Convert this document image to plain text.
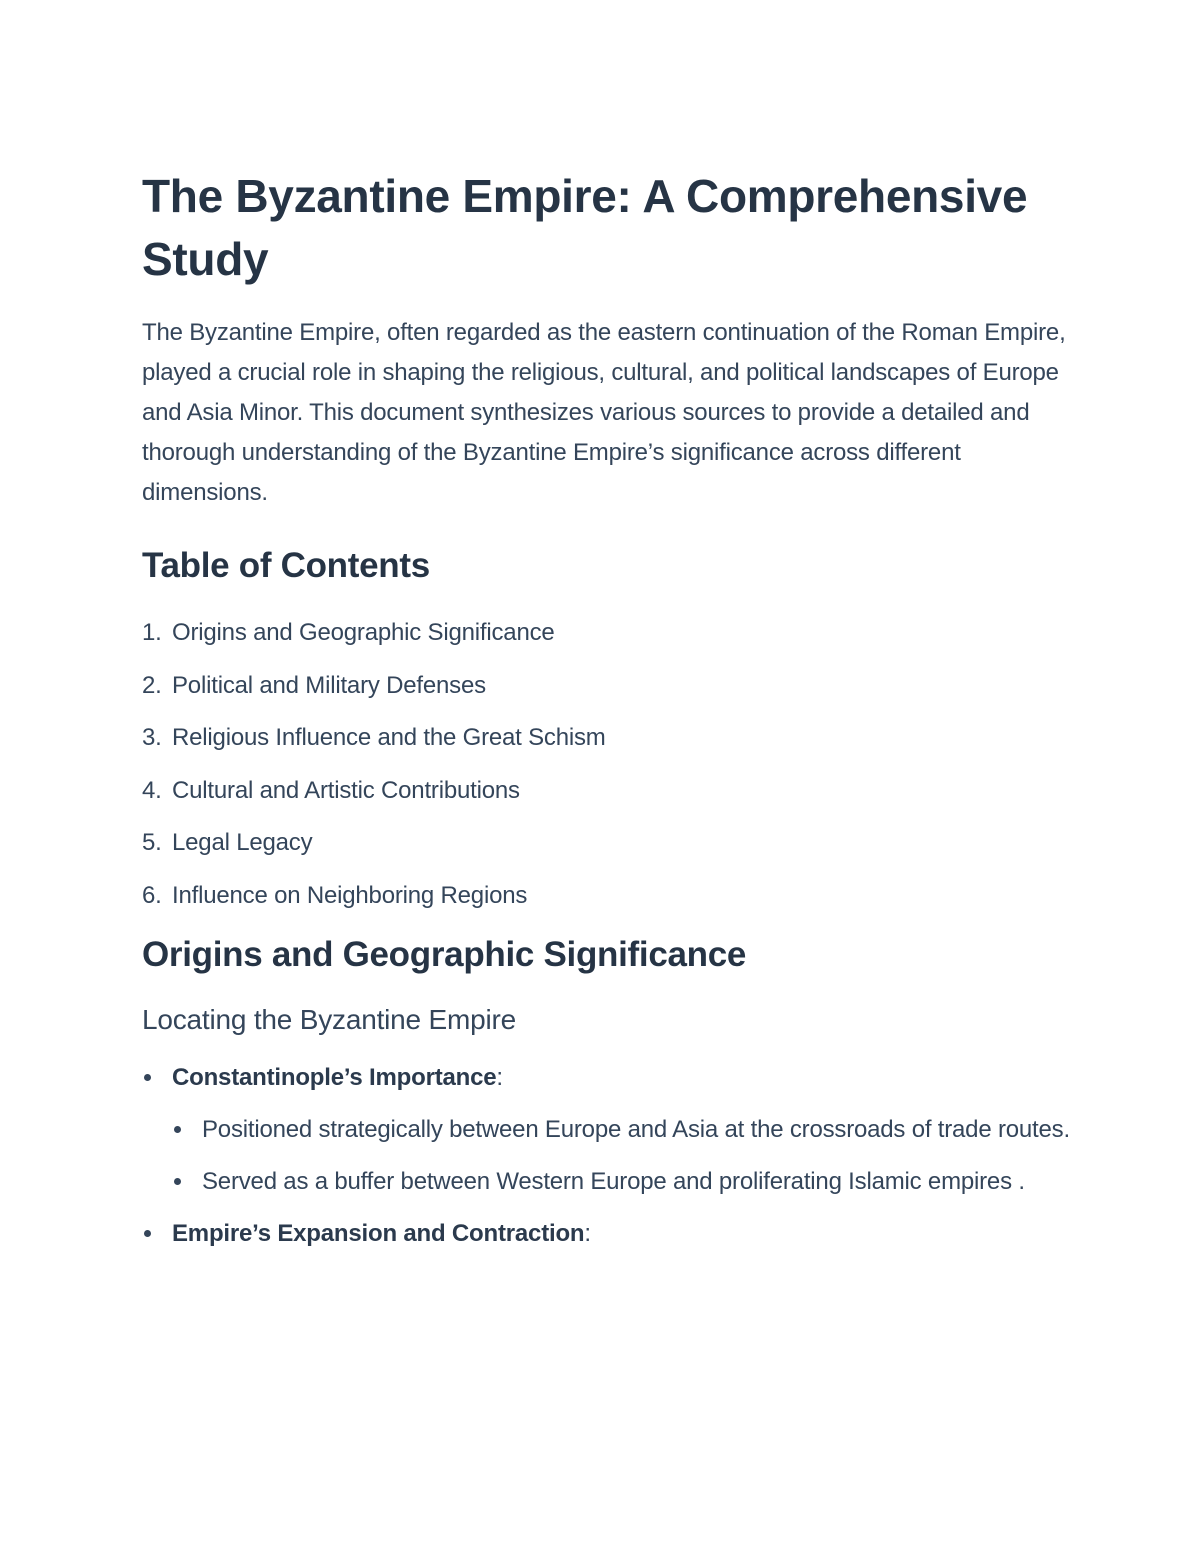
The Byzantine Empire: A Comprehensive Study

The Byzantine Empire, often regarded as the eastern continuation of the Roman Empire, played a crucial role in shaping the religious, cultural, and political landscapes of Europe and Asia Minor. This document synthesizes various sources to provide a detailed and thorough understanding of the Byzantine Empire’s significance across different dimensions.

Table of Contents
1. Origins and Geographic Significance
2. Political and Military Defenses
3. Religious Influence and the Great Schism
4. Cultural and Artistic Contributions
5. Legal Legacy
6. Influence on Neighboring Regions
Origins and Geographic Significance
Locating the Byzantine Empire
Constantinople’s Importance:
Positioned strategically between Europe and Asia at the crossroads of trade routes.
Served as a buffer between Western Europe and proliferating Islamic empires .
Empire’s Expansion and Contraction:
